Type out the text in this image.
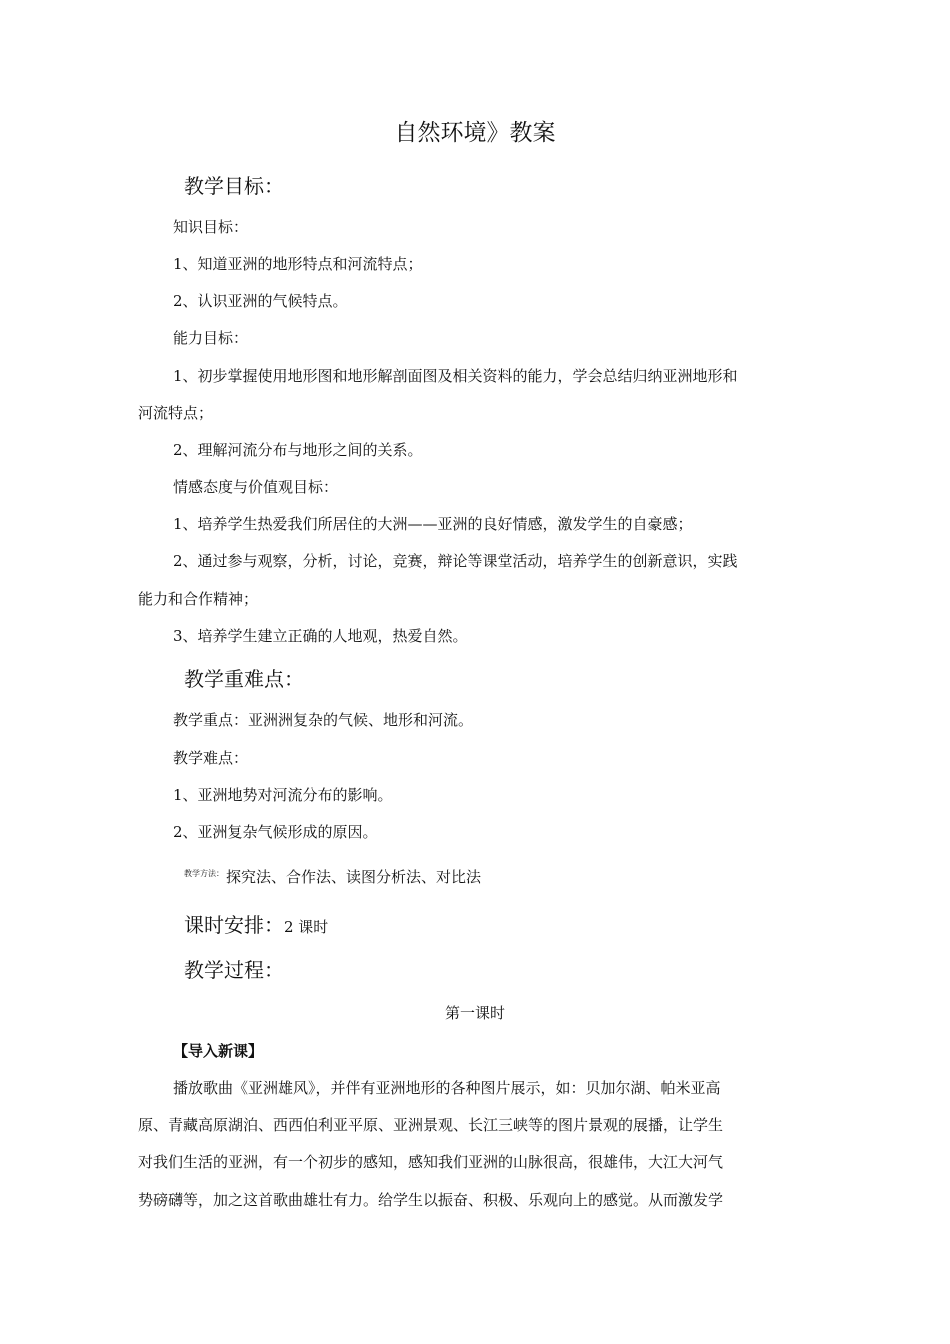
自然环境》教案
教学目标：
知识目标：
1、知道亚洲的地形特点和河流特点；
2、认识亚洲的气候特点。
能力目标：
1、初步掌握使用地形图和地形解剖面图及相关资料的能力，学会总结归纳亚洲地形和
河流特点；
2、理解河流分布与地形之间的关系。
情感态度与价值观目标：
1、培养学生热爱我们所居住的大洲——亚洲的良好情感，激发学生的自豪感；
2、通过参与观察，分析，讨论，竞赛，辩论等课堂活动，培养学生的创新意识，实践
能力和合作精神；
3、培养学生建立正确的人地观，热爱自然。
教学重难点：
教学重点：亚洲洲复杂的气候、地形和河流。
教学难点：
1、亚洲地势对河流分布的影响。
2、亚洲复杂气候形成的原因。
$^{教学方法:}$ 探究法、合作法、读图分析法、对比法
课时安排：2 课时
教学过程：
第一课时
【导入新课】
播放歌曲《亚洲雄风》，并伴有亚洲地形的各种图片展示，如：贝加尔湖、帕米亚高
原、青藏高原湖泊、西西伯利亚平原、亚洲景观、长江三峡等的图片景观的展播，让学生
对我们生活的亚洲，有一个初步的感知，感知我们亚洲的山脉很高，很雄伟，大江大河气
势磅礴等，加之这首歌曲雄壮有力。给学生以振奋、积极、乐观向上的感觉。从而激发学
